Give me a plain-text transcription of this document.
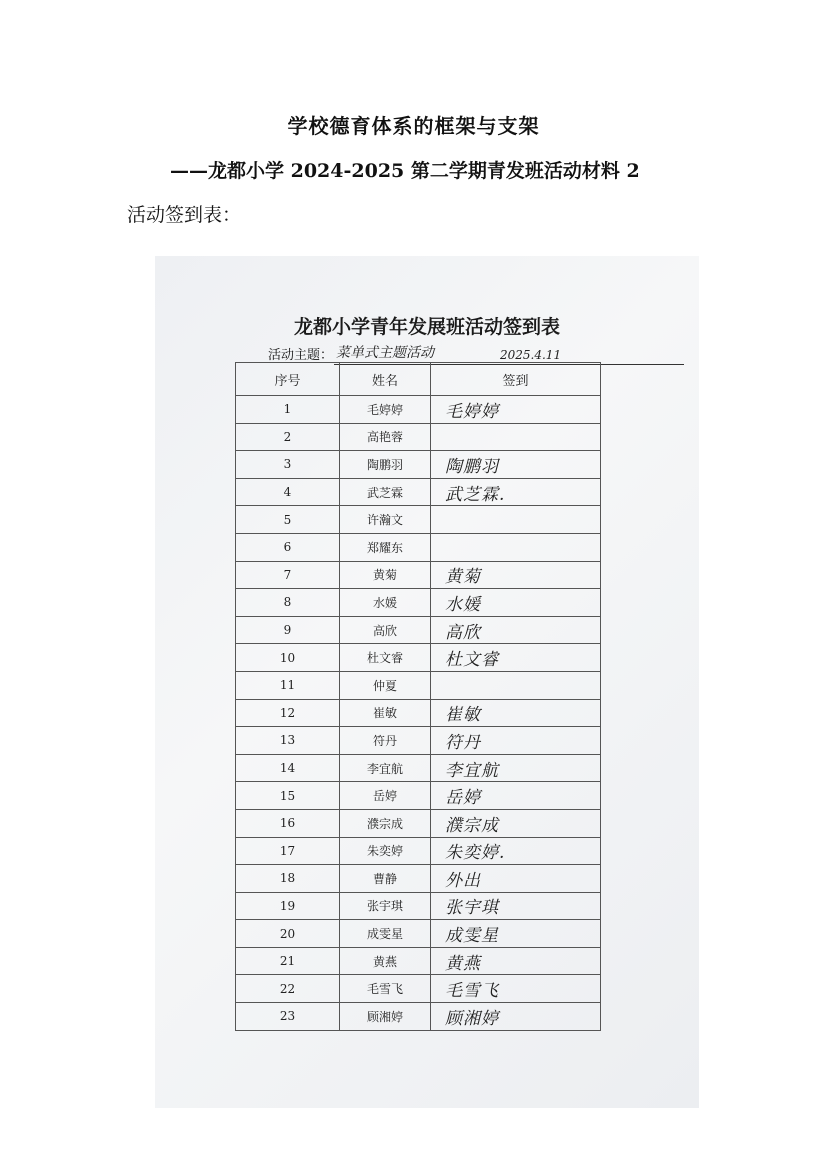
学校德育体系的框架与支架
——龙都小学 2024-2025 第二学期青发班活动材料 2
活动签到表：
龙都小学青年发展班活动签到表
活动主题： 菜单式主题活动	2025.4.11
序号	姓名	签到
1	毛婷婷	毛婷婷
2	高艳蓉	
3	陶鹏羽	陶鹏羽
4	武芝霖	武芝霖.
5	许瀚文	
6	郑耀东	
7	黄菊	黄菊
8	水媛	水媛
9	高欣	高欣
10	杜文睿	杜文睿
11	仲夏	
12	崔敏	崔敏
13	符丹	符丹
14	李宜航	李宜航
15	岳婷	岳婷
16	濮宗成	濮宗成
17	朱奕婷	朱奕婷.
18	曹静	外出
19	张宇琪	张宇琪
20	成雯星	成雯星
21	黄燕	黄燕
22	毛雪飞	毛雪飞
23	顾湘婷	顾湘婷
